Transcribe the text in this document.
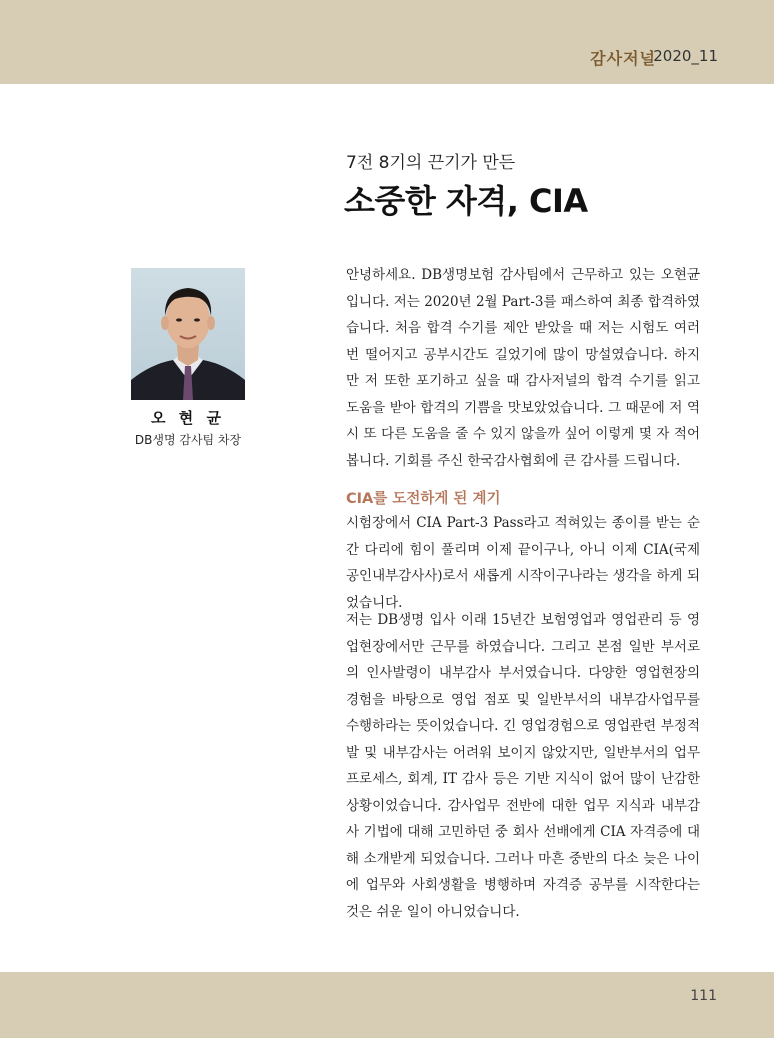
감사저널
2020_11
7전 8기의 끈기가 만든
소중한 자격, CIA
오 현 균
DB생명 감사팀 차장

안녕하세요. DB생명보험 감사팀에서 근무하고 있는 오현균입니다. 저는 2020년 2월 Part-3를 패스하여 최종 합격하였습니다. 처음 합격 수기를 제안 받았을 때 저는 시험도 여러 번 떨어지고 공부시간도 길었기에 많이 망설였습니다. 하지만 저 또한 포기하고 싶을 때 감사저널의 합격 수기를 읽고 도움을 받아 합격의 기쁨을 맛보았었습니다. 그 때문에 저 역시 또 다른 도움을 줄 수 있지 않을까 싶어 이렇게 몇 자 적어봅니다. 기회를 주신 한국감사협회에 큰 감사를 드립니다.

CIA를 도전하게 된 계기

시험장에서 CIA Part-3 Pass라고 적혀있는 종이를 받는 순간 다리에 힘이 풀리며 이제 끝이구나, 아니 이제 CIA(국제공인내부감사사)로서 새롭게 시작이구나라는 생각을 하게 되었습니다.

저는 DB생명 입사 이래 15년간 보험영업과 영업관리 등 영업현장에서만 근무를 하였습니다. 그리고 본점 일반 부서로의 인사발령이 내부감사 부서였습니다. 다양한 영업현장의 경험을 바탕으로 영업 점포 및 일반부서의 내부감사업무를 수행하라는 뜻이었습니다. 긴 영업경험으로 영업관련 부정적발 및 내부감사는 어려워 보이지 않았지만, 일반부서의 업무 프로세스, 회계, IT 감사 등은 기반 지식이 없어 많이 난감한 상황이었습니다. 감사업무 전반에 대한 업무 지식과 내부감사 기법에 대해 고민하던 중 회사 선배에게 CIA 자격증에 대해 소개받게 되었습니다. 그러나 마흔 중반의 다소 늦은 나이에 업무와 사회생활을 병행하며 자격증 공부를 시작한다는 것은 쉬운 일이 아니었습니다.

111
